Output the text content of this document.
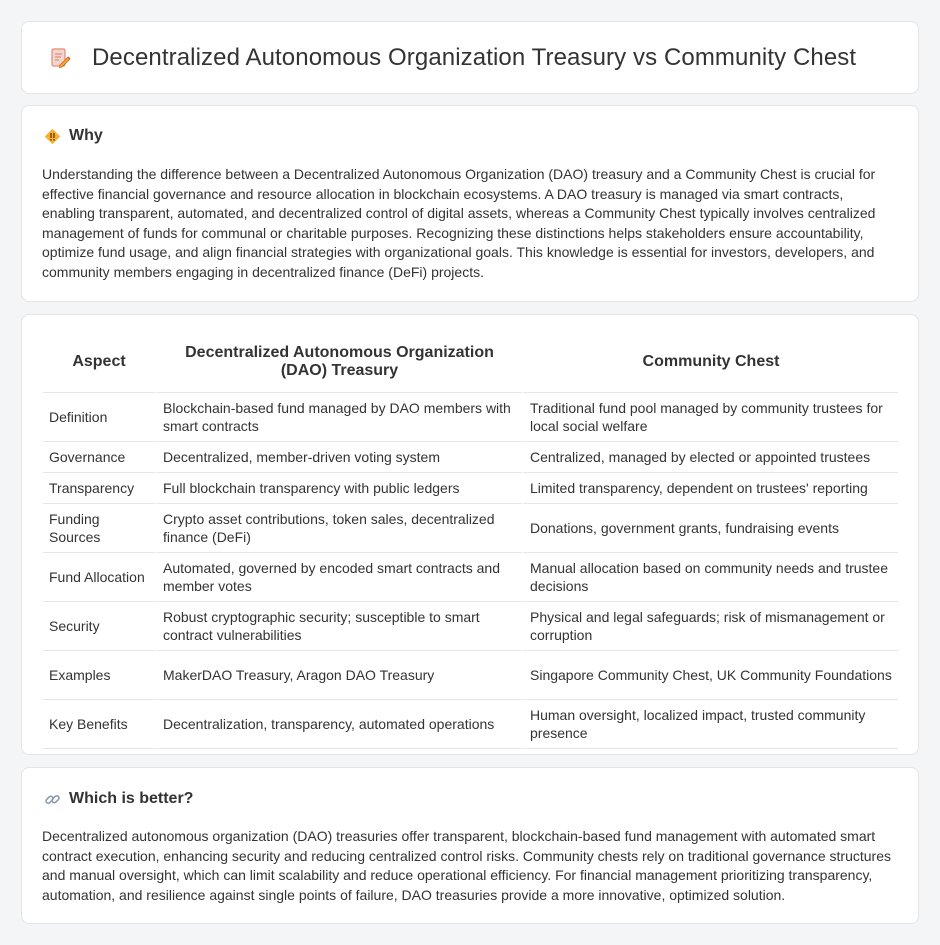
Decentralized Autonomous Organization Treasury vs Community Chest
Why

Understanding the difference between a Decentralized Autonomous Organization (DAO) treasury and a Community Chest is crucial for effective financial governance and resource allocation in blockchain ecosystems. A DAO treasury is managed via smart contracts, enabling transparent, automated, and decentralized control of digital assets, whereas a Community Chest typically involves centralized management of funds for communal or charitable purposes. Recognizing these distinctions helps stakeholders ensure accountability, optimize fund usage, and align financial strategies with organizational goals. This knowledge is essential for investors, developers, and community members engaging in decentralized finance (DeFi) projects.

Aspect	Decentralized Autonomous Organization (DAO) Treasury	Community Chest
Definition	Blockchain-based fund managed by DAO members with smart contracts	Traditional fund pool managed by community trustees for local social welfare
Governance	Decentralized, member-driven voting system	Centralized, managed by elected or appointed trustees
Transparency	Full blockchain transparency with public ledgers	Limited transparency, dependent on trustees' reporting
Funding Sources	Crypto asset contributions, token sales, decentralized finance (DeFi)	Donations, government grants, fundraising events
Fund Allocation	Automated, governed by encoded smart contracts and member votes	Manual allocation based on community needs and trustee decisions
Security	Robust cryptographic security; susceptible to smart contract vulnerabilities	Physical and legal safeguards; risk of mismanagement or corruption
Examples	MakerDAO Treasury, Aragon DAO Treasury	Singapore Community Chest, UK Community Foundations
Key Benefits	Decentralization, transparency, automated operations	Human oversight, localized impact, trusted community presence
Which is better?

Decentralized autonomous organization (DAO) treasuries offer transparent, blockchain-based fund management with automated smart contract execution, enhancing security and reducing centralized control risks. Community chests rely on traditional governance structures and manual oversight, which can limit scalability and reduce operational efficiency. For financial management prioritizing transparency, automation, and resilience against single points of failure, DAO treasuries provide a more innovative, optimized solution.
